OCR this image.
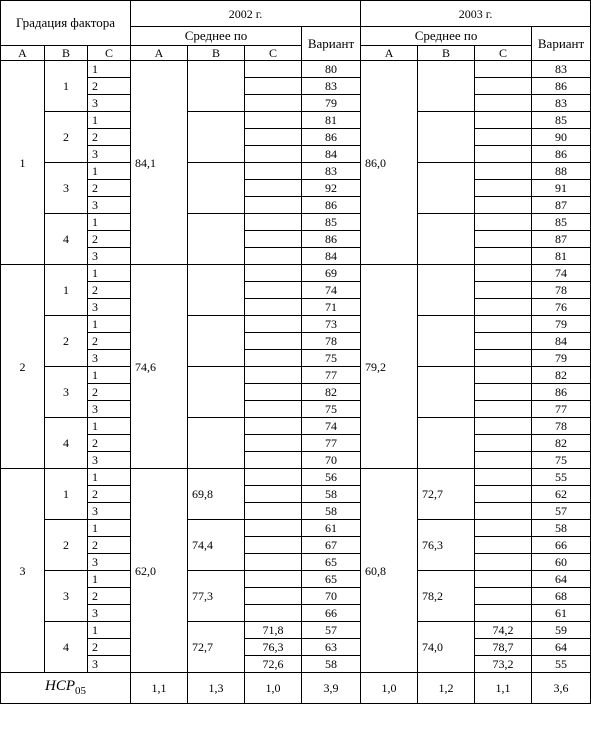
Градация фактора			2002 г.				2003 г.			
			Среднее по			Вариант	Среднее по			Вариант
А	В	С	А	В	С		А	В	С	
1	1	1	84,1			80	86,0			83
		2				83				86
		3				79				83
	2	1				81				85
		2				86				90
		3				84				86
	3	1				83				88
		2				92				91
		3				86				87
	4	1				85				85
		2				86				87
		3				84				81
2	1	1	74,6			69	79,2			74
		2				74				78
		3				71				76
	2	1				73				79
		2				78				84
		3				75				79
	3	1				77				82
		2				82				86
		3				75				77
	4	1				74				78
		2				77				82
		3				70				75
3	1	1	62,0	69,8		56	60,8	72,7		55
		2				58				62
		3				58				57
	2	1		74,4		61		76,3		58
		2				67				66
		3				65				60
	3	1		77,3		65		78,2		64
		2				70				68
		3				66				61
	4	1		72,7	71,8	57		74,0	74,2	59
		2			76,3	63			78,7	64
		3			72,6	58			73,2	55
$НСР_{05}$			1,1	1,3	1,0	3,9	1,0	1,2	1,1	3,6
